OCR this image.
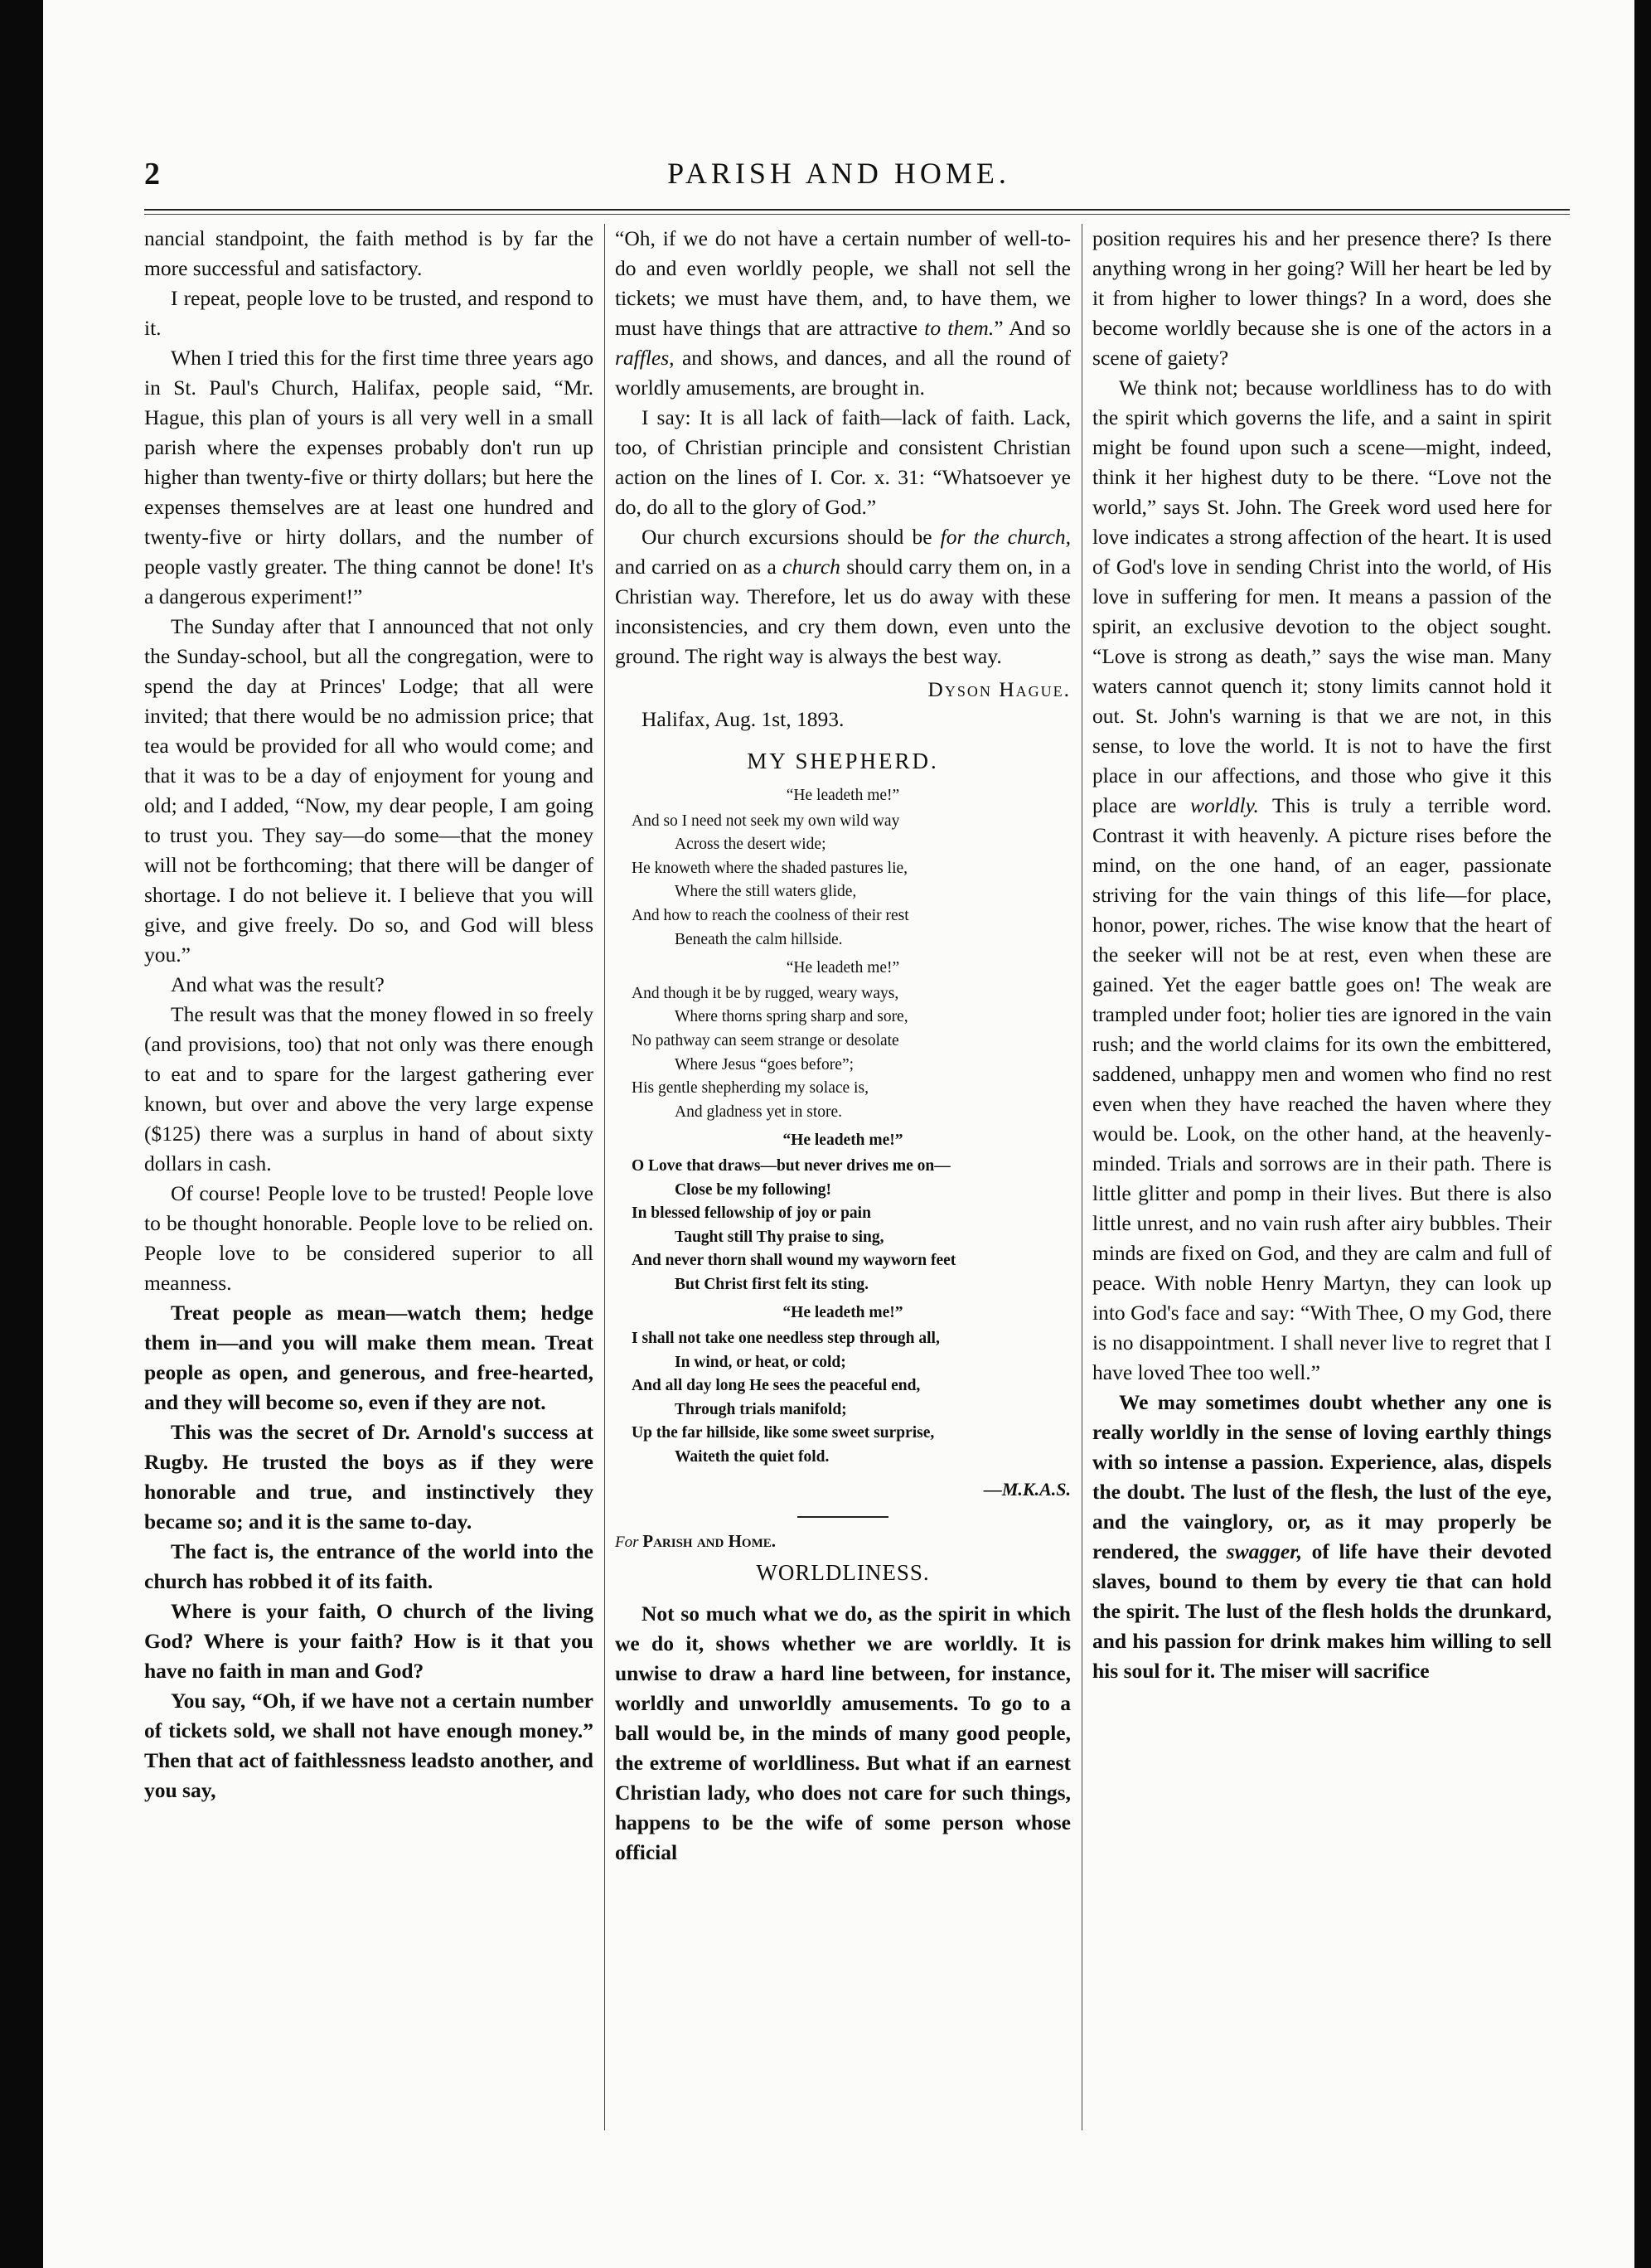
2	PARISH AND HOME.

nancial standpoint, the faith method is by far the more successful and satisfactory.

I repeat, people love to be trusted, and respond to it.

When I tried this for the first time three years ago in St. Paul's Church, Halifax, people said, “Mr. Hague, this plan of yours is all very well in a small parish where the expenses probably don't run up higher than twenty-five or thirty dollars; but here the expenses themselves are at least one hundred and twenty-five or hirty dollars, and the number of people vastly greater. The thing cannot be done! It's a dangerous experiment!”

The Sunday after that I announced that not only the Sunday-school, but all the congregation, were to spend the day at Princes' Lodge; that all were invited; that there would be no admission price; that tea would be provided for all who would come; and that it was to be a day of enjoyment for young and old; and I added, “Now, my dear people, I am going to trust you. They say—do some—that the money will not be forthcoming; that there will be danger of shortage. I do not believe it. I believe that you will give, and give freely. Do so, and God will bless you.”

And what was the result?

The result was that the money flowed in so freely (and provisions, too) that not only was there enough to eat and to spare for the largest gathering ever known, but over and above the very large expense ($125) there was a surplus in hand of about sixty dollars in cash.

Of course! People love to be trusted! People love to be thought honorable. People love to be relied on. People love to be considered superior to all meanness.

Treat people as mean—watch them; hedge them in—and you will make them mean. Treat people as open, and generous, and free-hearted, and they will become so, even if they are not.

This was the secret of Dr. Arnold's success at Rugby. He trusted the boys as if they were honorable and true, and instinctively they became so; and it is the same to-day.

The fact is, the entrance of the world into the church has robbed it of its faith.

Where is your faith, O church of the living God? Where is your faith? How is it that you have no faith in man and God?

You say, “Oh, if we have not a certain number of tickets sold, we shall not have enough money.” Then that act of faithlessness leadsto another, and you say,

“Oh, if we do not have a certain number of well-to-do and even worldly people, we shall not sell the tickets; we must have them, and, to have them, we must have things that are attractive to them.” And so raffles, and shows, and dances, and all the round of worldly amusements, are brought in.

I say: It is all lack of faith—lack of faith. Lack, too, of Christian principle and consistent Christian action on the lines of I. Cor. x. 31: “Whatsoever ye do, do all to the glory of God.”

Our church excursions should be for the church, and carried on as a church should carry them on, in a Christian way. Therefore, let us do away with these inconsistencies, and cry them down, even unto the ground. The right way is always the best way.

Dyson Hague.
Halifax, Aug. 1st, 1893.
MY SHEPHERD.
“He leadeth me!”
And so I need not seek my own wild way
Across the desert wide;
He knoweth where the shaded pastures lie,
Where the still waters glide,
And how to reach the coolness of their rest
Beneath the calm hillside.
“He leadeth me!”
And though it be by rugged, weary ways,
Where thorns spring sharp and sore,
No pathway can seem strange or desolate
Where Jesus “goes before”;
His gentle shepherding my solace is,
And gladness yet in store.
“He leadeth me!”
O Love that draws—but never drives me on—
Close be my following!
In blessed fellowship of joy or pain
Taught still Thy praise to sing,
And never thorn shall wound my wayworn feet
But Christ first felt its sting.
“He leadeth me!”
I shall not take one needless step through all,
In wind, or heat, or cold;
And all day long He sees the peaceful end,
Through trials manifold;
Up the far hillside, like some sweet surprise,
Waiteth the quiet fold.
—M.K.A.S.
For Parish and Home.
WORLDLINESS.

Not so much what we do, as the spirit in which we do it, shows whether we are worldly. It is unwise to draw a hard line between, for instance, worldly and unworldly amusements. To go to a ball would be, in the minds of many good people, the extreme of worldliness. But what if an earnest Christian lady, who does not care for such things, happens to be the wife of some person whose official

position requires his and her presence there? Is there anything wrong in her going? Will her heart be led by it from higher to lower things? In a word, does she become worldly because she is one of the actors in a scene of gaiety?

We think not; because worldliness has to do with the spirit which governs the life, and a saint in spirit might be found upon such a scene—might, indeed, think it her highest duty to be there. “Love not the world,” says St. John. The Greek word used here for love indicates a strong affection of the heart. It is used of God's love in sending Christ into the world, of His love in suffering for men. It means a passion of the spirit, an exclusive devotion to the object sought. “Love is strong as death,” says the wise man. Many waters cannot quench it; stony limits cannot hold it out. St. John's warning is that we are not, in this sense, to love the world. It is not to have the first place in our affections, and those who give it this place are worldly. This is truly a terrible word. Contrast it with heavenly. A picture rises before the mind, on the one hand, of an eager, passionate striving for the vain things of this life—for place, honor, power, riches. The wise know that the heart of the seeker will not be at rest, even when these are gained. Yet the eager battle goes on! The weak are trampled under foot; holier ties are ignored in the vain rush; and the world claims for its own the embittered, saddened, unhappy men and women who find no rest even when they have reached the haven where they would be. Look, on the other hand, at the heavenly-minded. Trials and sorrows are in their path. There is little glitter and pomp in their lives. But there is also little unrest, and no vain rush after airy bubbles. Their minds are fixed on God, and they are calm and full of peace. With noble Henry Martyn, they can look up into God's face and say: “With Thee, O my God, there is no disappointment. I shall never live to regret that I have loved Thee too well.”

We may sometimes doubt whether any one is really worldly in the sense of loving earthly things with so intense a passion. Experience, alas, dispels the doubt. The lust of the flesh, the lust of the eye, and the vainglory, or, as it may properly be rendered, the swagger, of life have their devoted slaves, bound to them by every tie that can hold the spirit. The lust of the flesh holds the drunkard, and his passion for drink makes him willing to sell his soul for it. The miser will sacrifice
